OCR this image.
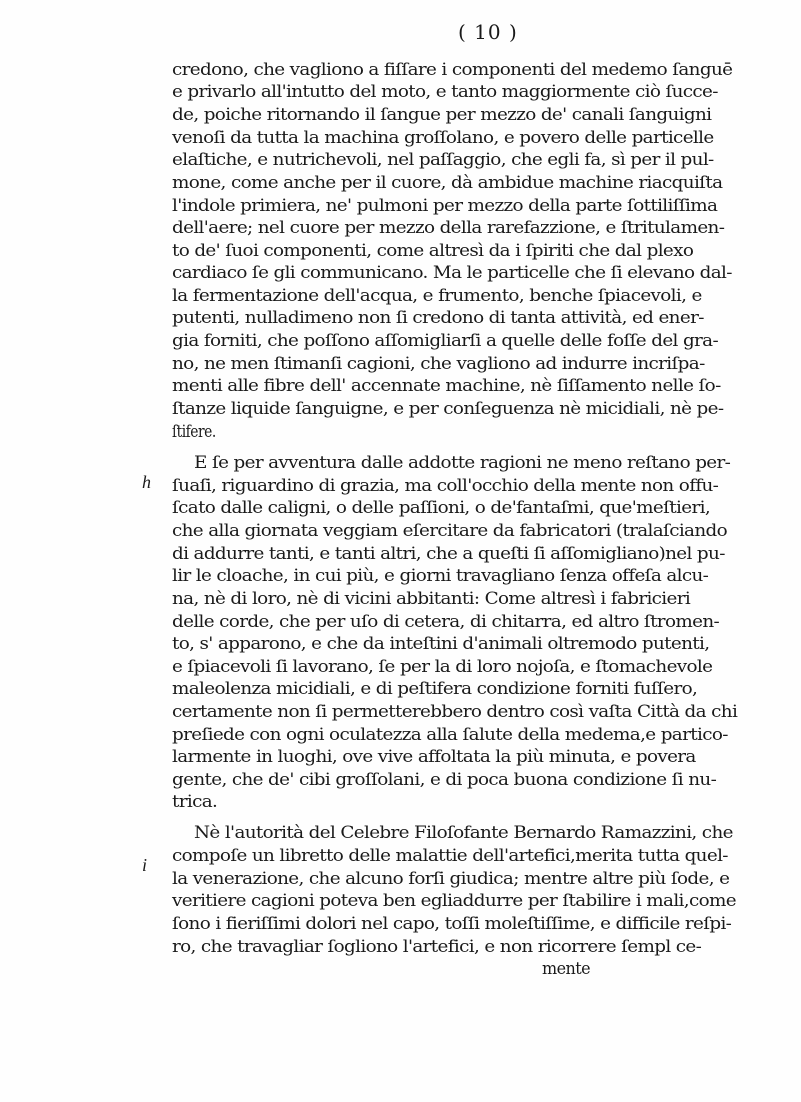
( 10 )
h
i
credono, che vagliono a fiſſare i componenti del medemo ſanguē
e privarlo all'intutto del moto, e tanto maggiormente ciò ſucce-
de, poiche ritornando il ſangue per mezzo de' canali ſanguigni
venoſi da tutta la machina groſſolano, e povero delle particelle
elaſtiche, e nutrichevoli, nel paſſaggio, che egli fa, sì per il pul-
mone, come anche per il cuore, dà ambidue machine riacquiſta
l'indole primiera, ne' pulmoni per mezzo della parte ſottiliſſima
dell'aere; nel cuore per mezzo della rarefazzione, e ſtritulamen-
to de' ſuoi componenti, come altresì da i ſpiriti che dal plexo
cardiaco ſe gli communicano. Ma le particelle che ſi elevano dal-
la fermentazione dell'acqua, e frumento, benche ſpiacevoli, e
putenti, nulladimeno non ſi credono di tanta attività, ed ener-
gia forniti, che poſſono aſſomigliarſi a quelle delle foſſe del gra-
no, ne men ſtimanſi cagioni, che vagliono ad indurre incriſpa-
menti alle fibre dell' accennate machine, nè ſiſſamento nelle ſo-
ſtanze liquide ſanguigne, e per conſeguenza nè micidiali, nè pe-
ſtifere.
E ſe per avventura dalle addotte ragioni ne meno reſtano per-
ſuaſi, riguardino di grazia, ma coll'occhio della mente non offu-
ſcato dalle caligni, o delle paſſioni, o de'fantaſmi, que'meſtieri,
che alla giornata veggiam eſercitare da fabricatori (tralaſciando
di addurre tanti, e tanti altri, che a queſti ſi aſſomigliano)nel pu-
lir le cloache, in cui più, e giorni travagliano ſenza offeſa alcu-
na, nè di loro, nè di vicini abbitanti: Come altresì i fabricieri
delle corde, che per uſo di cetera, di chitarra, ed altro ſtromen-
to, s' apparono, e che da inteſtini d'animali oltremodo putenti,
e ſpiacevoli ſi lavorano, ſe per la di loro nojoſa, e ſtomachevole
maleolenza micidiali, e di peſtifera condizione forniti fuſſero,
certamente non ſi permetterebbero dentro così vaſta Città da chi
preſiede con ogni oculatezza alla ſalute della medema,e partico-
larmente in luoghi, ove vive affoltata la più minuta, e povera
gente, che de' cibi groſſolani, e di poca buona condizione ſi nu-
trica.
Nè l'autorità del Celebre Filoſofante Bernardo Ramazzini, che
compoſe un libretto delle malattie dell'artefici,merita tutta quel-
la venerazione, che alcuno forſi giudica; mentre altre più ſode, e
veritiere cagioni poteva ben egliaddurre per ſtabilire i mali,come
ſono i fieriſſimi dolori nel capo, toſſi moleſtiſſime, e difficile reſpi-
ro, che travagliar ſogliono l'artefici, e non ricorrere ſempl ce-
mente
